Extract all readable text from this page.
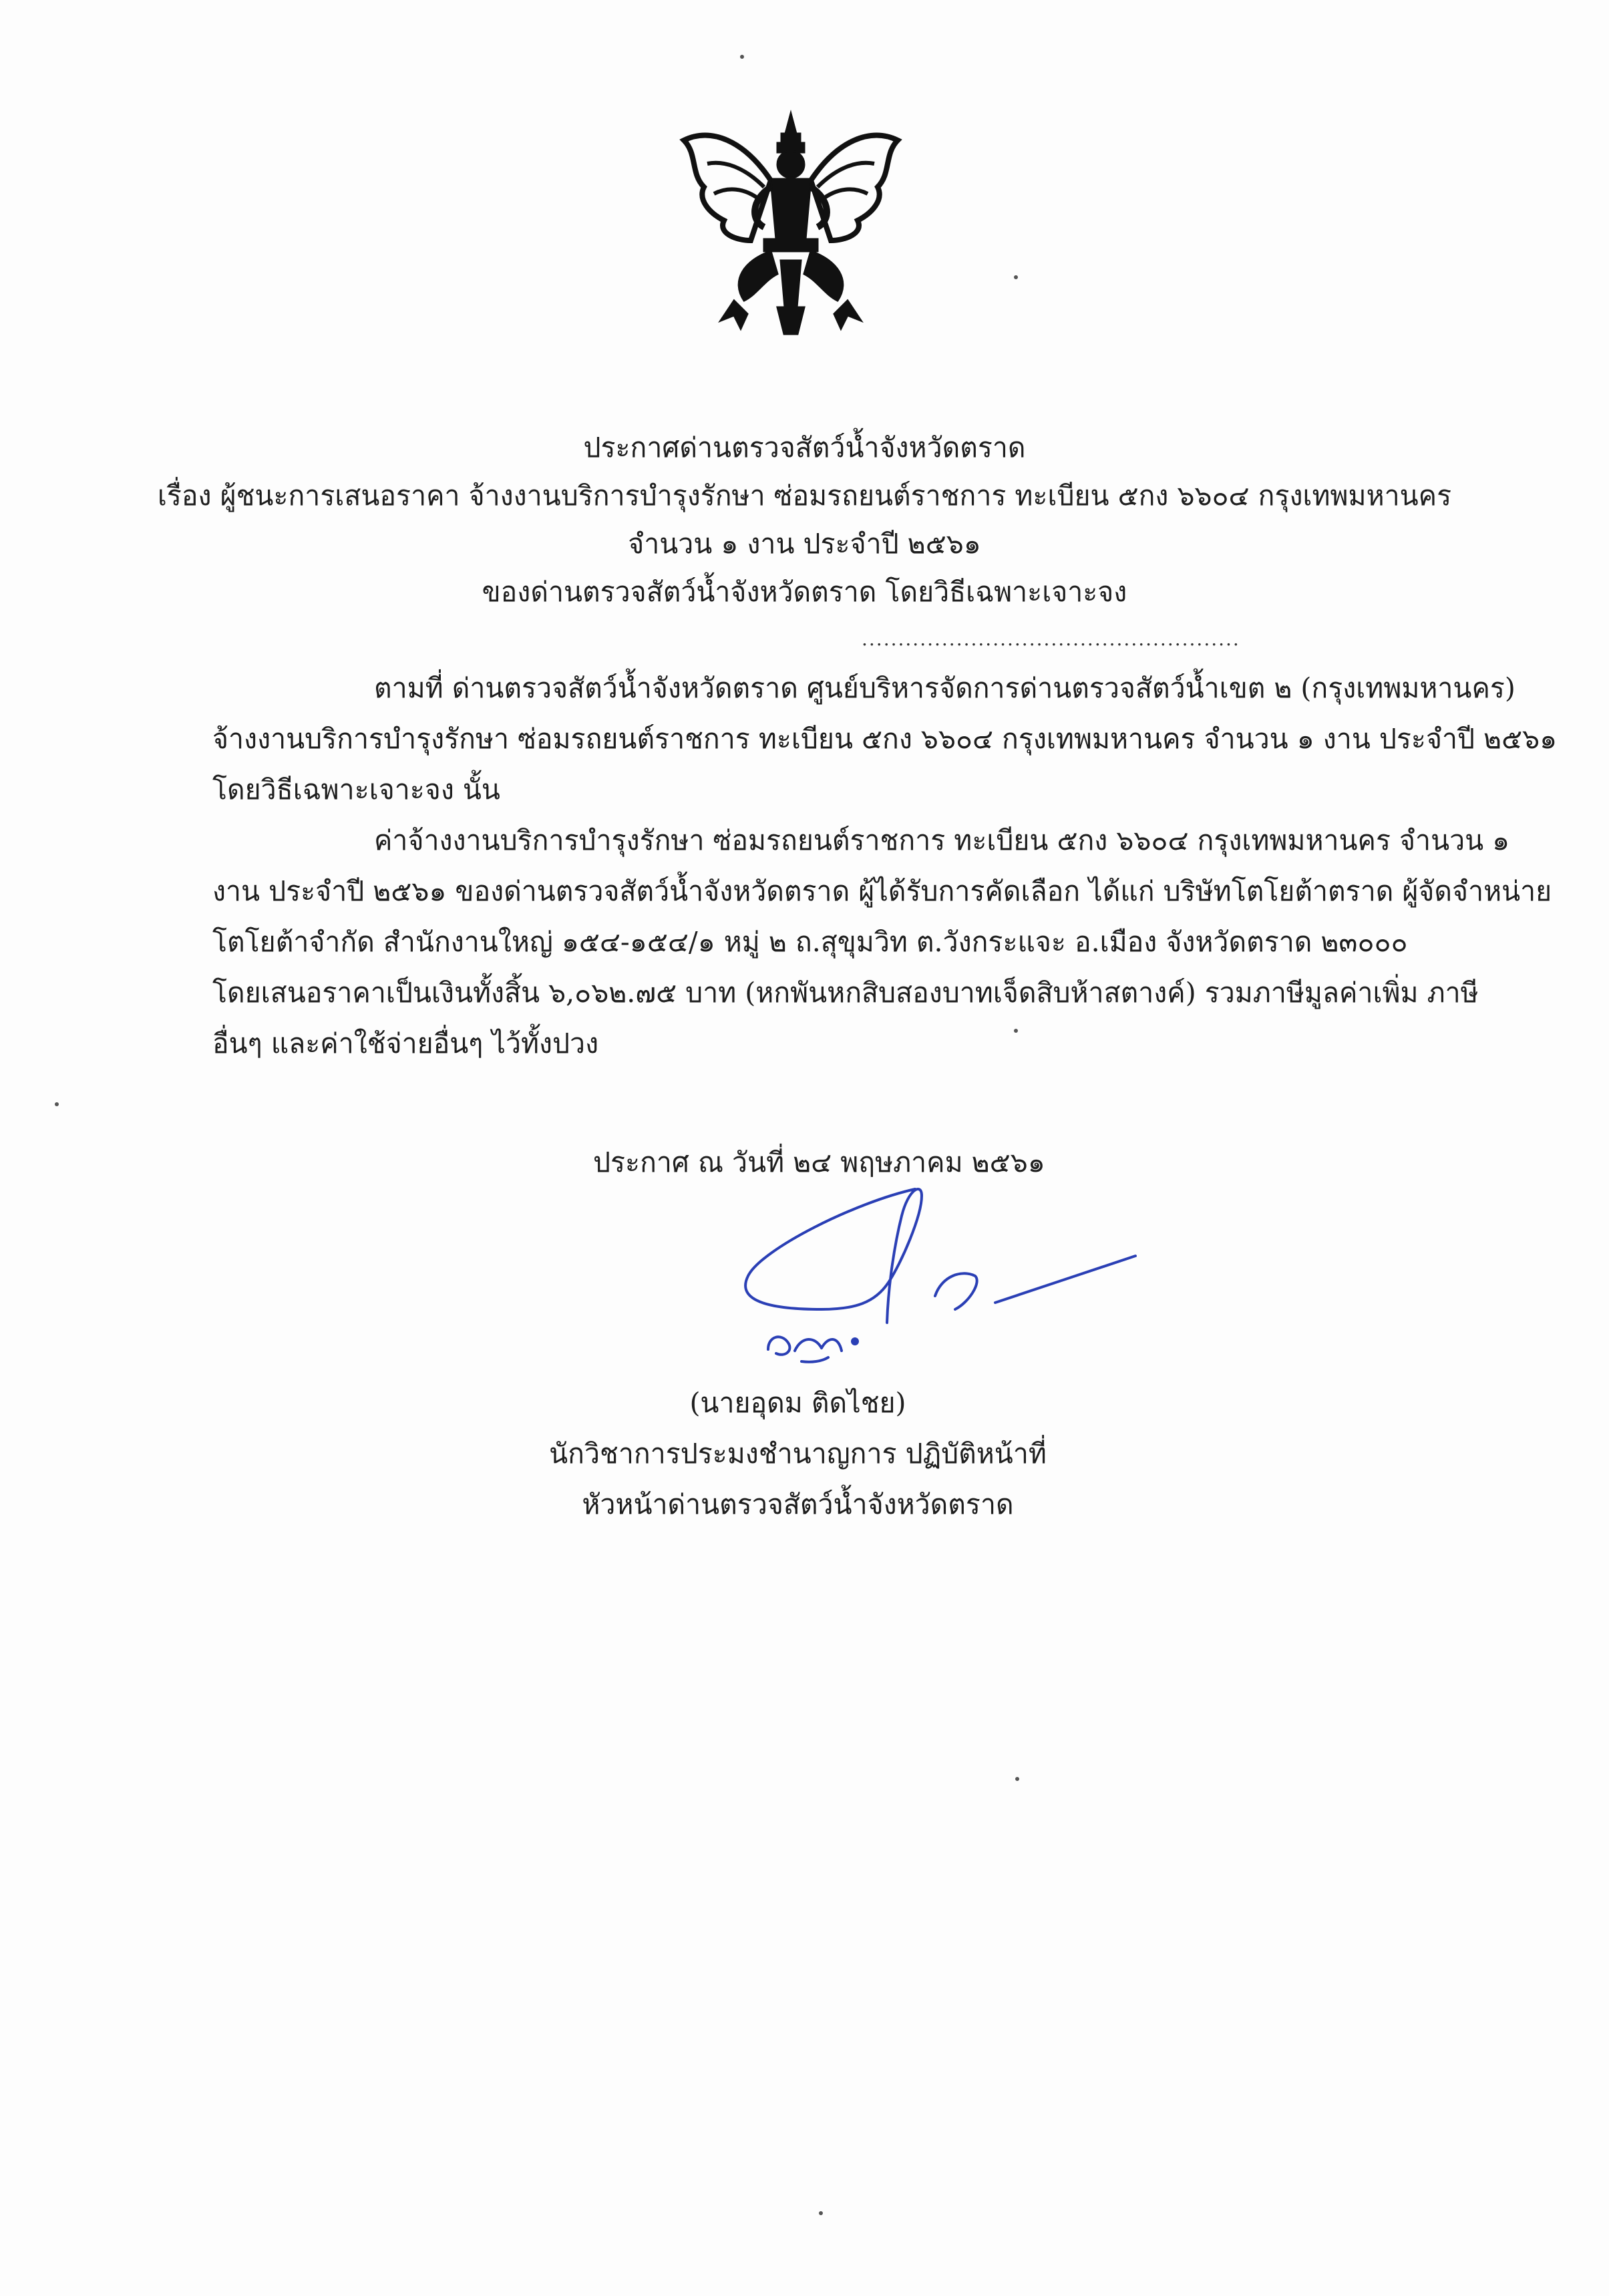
ประกาศด่านตรวจสัตว์น้ำจังหวัดตราด
เรื่อง ผู้ชนะการเสนอราคา จ้างงานบริการบำรุงรักษา ซ่อมรถยนต์ราชการ ทะเบียน ๕กง ๖๖๐๔ กรุงเทพมหานคร
จำนวน ๑ งาน ประจำปี ๒๕๖๑
ของด่านตรวจสัตว์น้ำจังหวัดตราด โดยวิธีเฉพาะเจาะจง
....................................................
ตามที่ ด่านตรวจสัตว์น้ำจังหวัดตราด ศูนย์บริหารจัดการด่านตรวจสัตว์น้ำเขต ๒ (กรุงเทพมหานคร)
จ้างงานบริการบำรุงรักษา ซ่อมรถยนต์ราชการ ทะเบียน ๕กง ๖๖๐๔ กรุงเทพมหานคร จำนวน ๑ งาน ประจำปี ๒๕๖๑
โดยวิธีเฉพาะเจาะจง นั้น
ค่าจ้างงานบริการบำรุงรักษา ซ่อมรถยนต์ราชการ ทะเบียน ๕กง ๖๖๐๔ กรุงเทพมหานคร จำนวน ๑
งาน ประจำปี ๒๕๖๑ ของด่านตรวจสัตว์น้ำจังหวัดตราด ผู้ได้รับการคัดเลือก ได้แก่ บริษัทโตโยต้าตราด ผู้จัดจำหน่าย
โตโยต้าจำกัด สำนักงานใหญ่ ๑๕๔-๑๕๔/๑ หมู่ ๒ ถ.สุขุมวิท ต.วังกระแจะ อ.เมือง จังหวัดตราด ๒๓๐๐๐
โดยเสนอราคาเป็นเงินทั้งสิ้น ๖,๐๖๒.๗๕ บาท (หกพันหกสิบสองบาทเจ็ดสิบห้าสตางค์) รวมภาษีมูลค่าเพิ่ม ภาษี
อื่นๆ และค่าใช้จ่ายอื่นๆ ไว้ทั้งปวง
ประกาศ ณ วันที่ ๒๔ พฤษภาคม ๒๕๖๑
(นายอุดม ติดไชย)
นักวิชาการประมงชำนาญการ ปฏิบัติหน้าที่
หัวหน้าด่านตรวจสัตว์น้ำจังหวัดตราด
